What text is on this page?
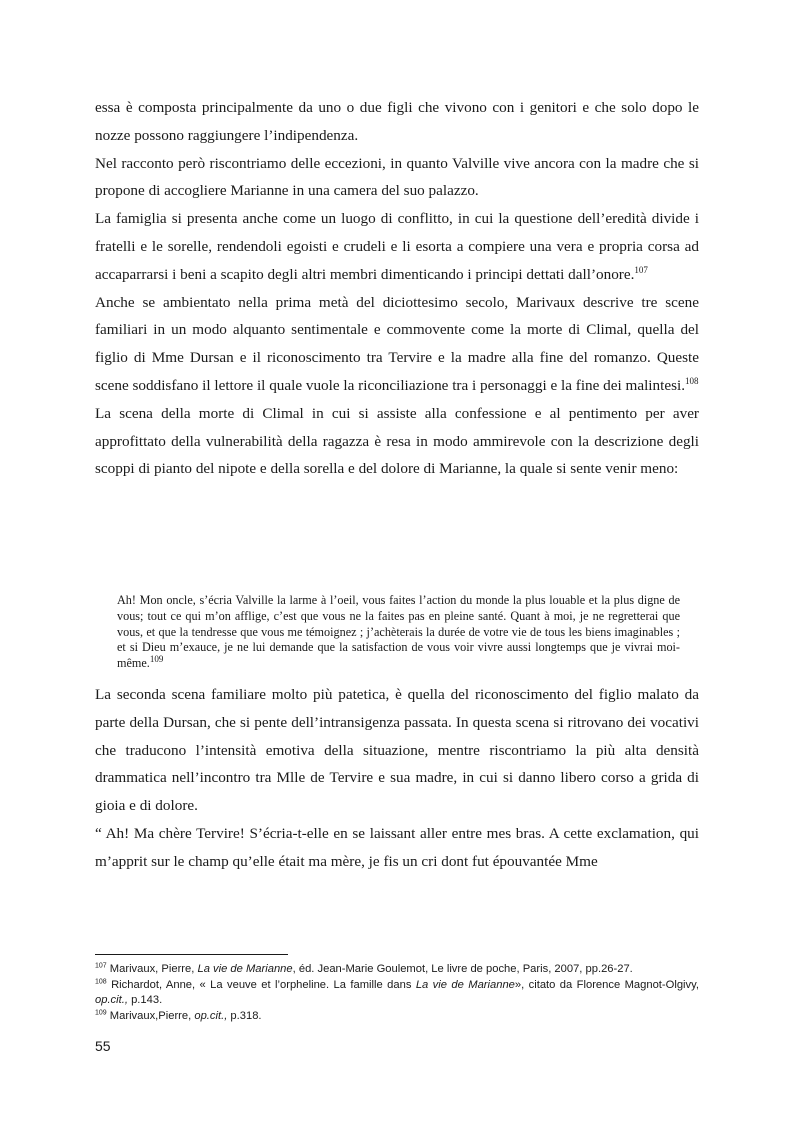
essa è composta principalmente da uno o due figli che vivono con i genitori e che solo dopo le nozze possono raggiungere l’indipendenza.

Nel racconto però riscontriamo delle eccezioni, in quanto Valville vive ancora con la madre che si propone di accogliere Marianne in una camera del suo palazzo.

La famiglia si presenta anche come un luogo di conflitto, in cui la questione dell’eredità divide i fratelli e le sorelle, rendendoli egoisti e crudeli e li esorta a compiere una vera e propria corsa ad accaparrarsi i beni a scapito degli altri membri dimenticando i principi dettati dall’onore.$^{107}$

Anche se ambientato nella prima metà del diciottesimo secolo, Marivaux descrive tre scene familiari in un modo alquanto sentimentale e commovente come la morte di Climal, quella del figlio di Mme Dursan e il riconoscimento tra Tervire e la madre alla fine del romanzo. Queste scene soddisfano il lettore il quale vuole la riconciliazione tra i personaggi e la fine dei malintesi.$^{108}$

La scena della morte di Climal in cui si assiste alla confessione e al pentimento per aver approfittato della vulnerabilità della ragazza è resa in modo ammirevole con la descrizione degli scoppi di pianto del nipote e della sorella e del dolore di Marianne, la quale si sente venir meno:

Ah! Mon oncle, s’écria Valville la larme à l’oeil, vous faites l’action du monde la plus louable et la plus digne de vous; tout ce qui m’on afflige, c’est que vous ne la faites pas en pleine santé. Quant à moi, je ne regretterai que vous, et que la tendresse que vous me témoignez ; j’achèterais la durée de votre vie de tous les biens imaginables ; et si Dieu m’exauce, je ne lui demande que la satisfaction de vous voir vivre aussi longtemps que je vivrai moi-même.$^{109}$

La seconda scena familiare molto più patetica, è quella del riconoscimento del figlio malato da parte della Dursan, che si pente dell’intransigenza passata. In questa scena si ritrovano dei vocativi che traducono l’intensità emotiva della situazione, mentre riscontriamo la più alta densità drammatica nell’incontro tra Mlle de Tervire e sua madre, in cui si danno libero corso a grida di gioia e di dolore.

“ Ah! Ma chère Tervire! S’écria-t-elle en se laissant aller entre mes bras. A cette exclamation, qui m’apprit sur le champ qu’elle était ma mère, je fis un cri dont fut épouvantée Mme

$^{107}$ Marivaux, Pierre, La vie de Marianne, éd. Jean-Marie Goulemot, Le livre de poche, Paris, 2007, pp.26-27.

$^{108}$ Richardot, Anne, « La veuve et l’orpheline. La famille dans La vie de Marianne», citato da Florence Magnot-Olgivy, op.cit., p.143.

$^{109}$ Marivaux,Pierre, op.cit., p.318.

55
